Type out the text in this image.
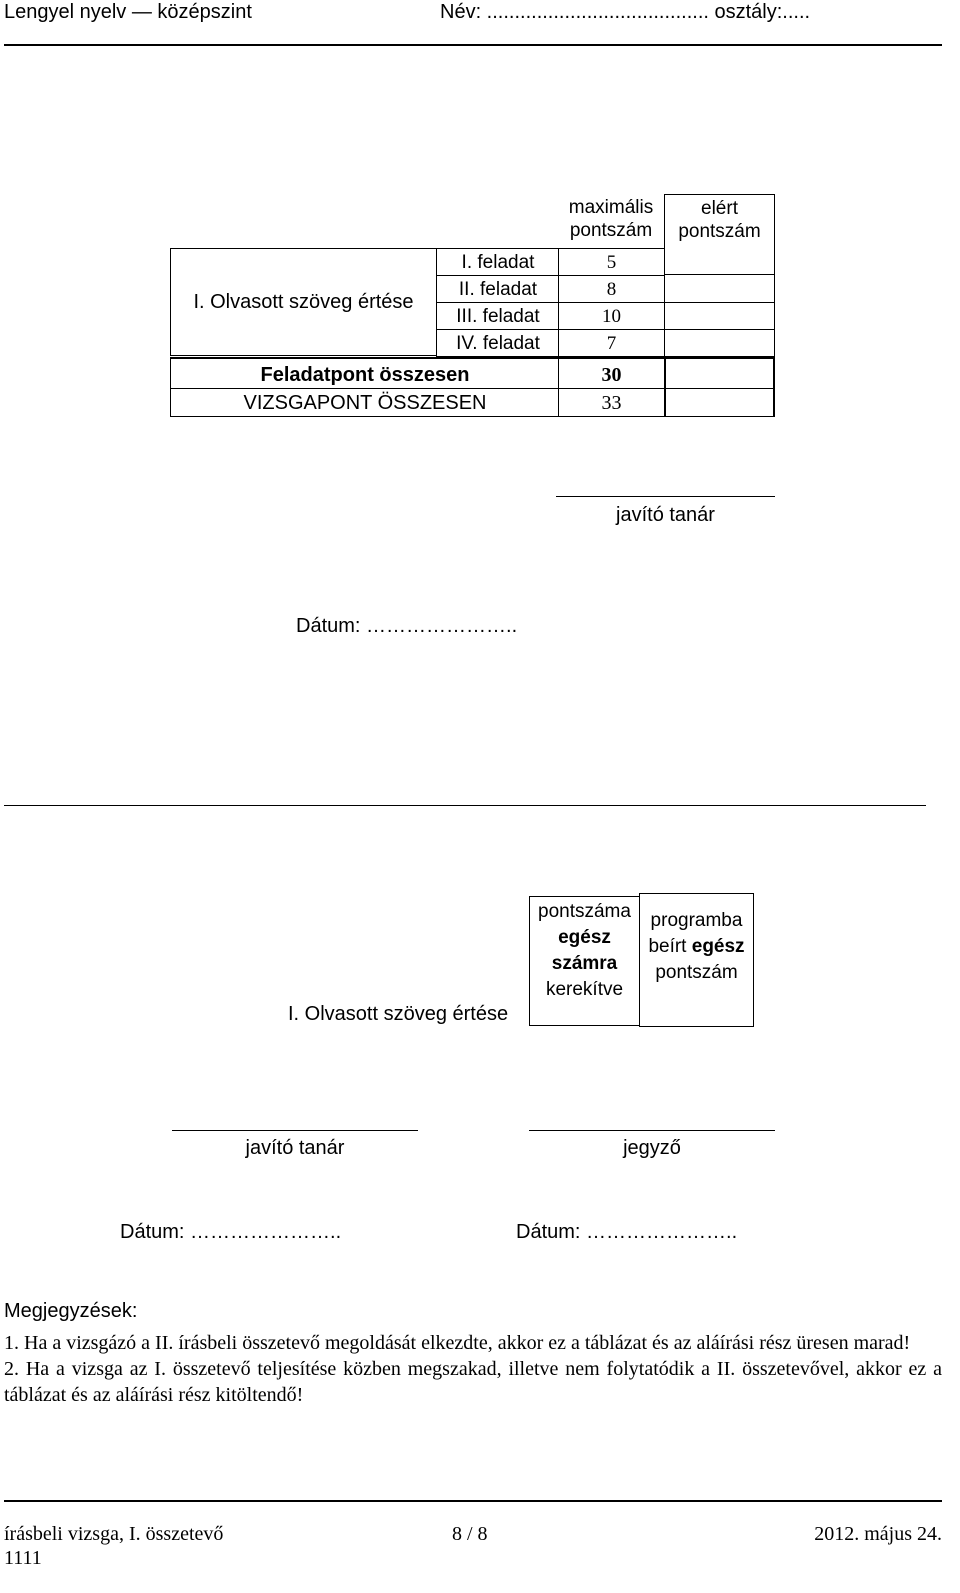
Lengyel nyelv — középszint	Név: ........................................ osztály:.....
maximális pontszám
elért pontszám
I. Olvasott szöveg értése
I. feladat	5
II. feladat	8
III. feladat	10
IV. feladat	7
Feladatpont összesen	30
VIZSGAPONT ÖSSZESEN	33
javító tanár
Dátum: …………………..
I. Olvasott szöveg értése
pontszáma
egész
számra
kerekítve
programba
beírt egész
pontszám
javító tanár	jegyző
Dátum: …………………..	Dátum: …………………..

Megjegyzések:

1. Ha a vizsgázó a II. írásbeli összetevő megoldását elkezdte, akkor ez a táblázat és az aláírási rész üresen marad!

2. Ha a vizsga az I. összetevő teljesítése közben megszakad, illetve nem folytatódik a II. összetevővel, akkor ez a táblázat és az aláírási rész kitöltendő!

írásbeli vizsga, I. összetevő	8 / 8	2012. május 24.
1111
